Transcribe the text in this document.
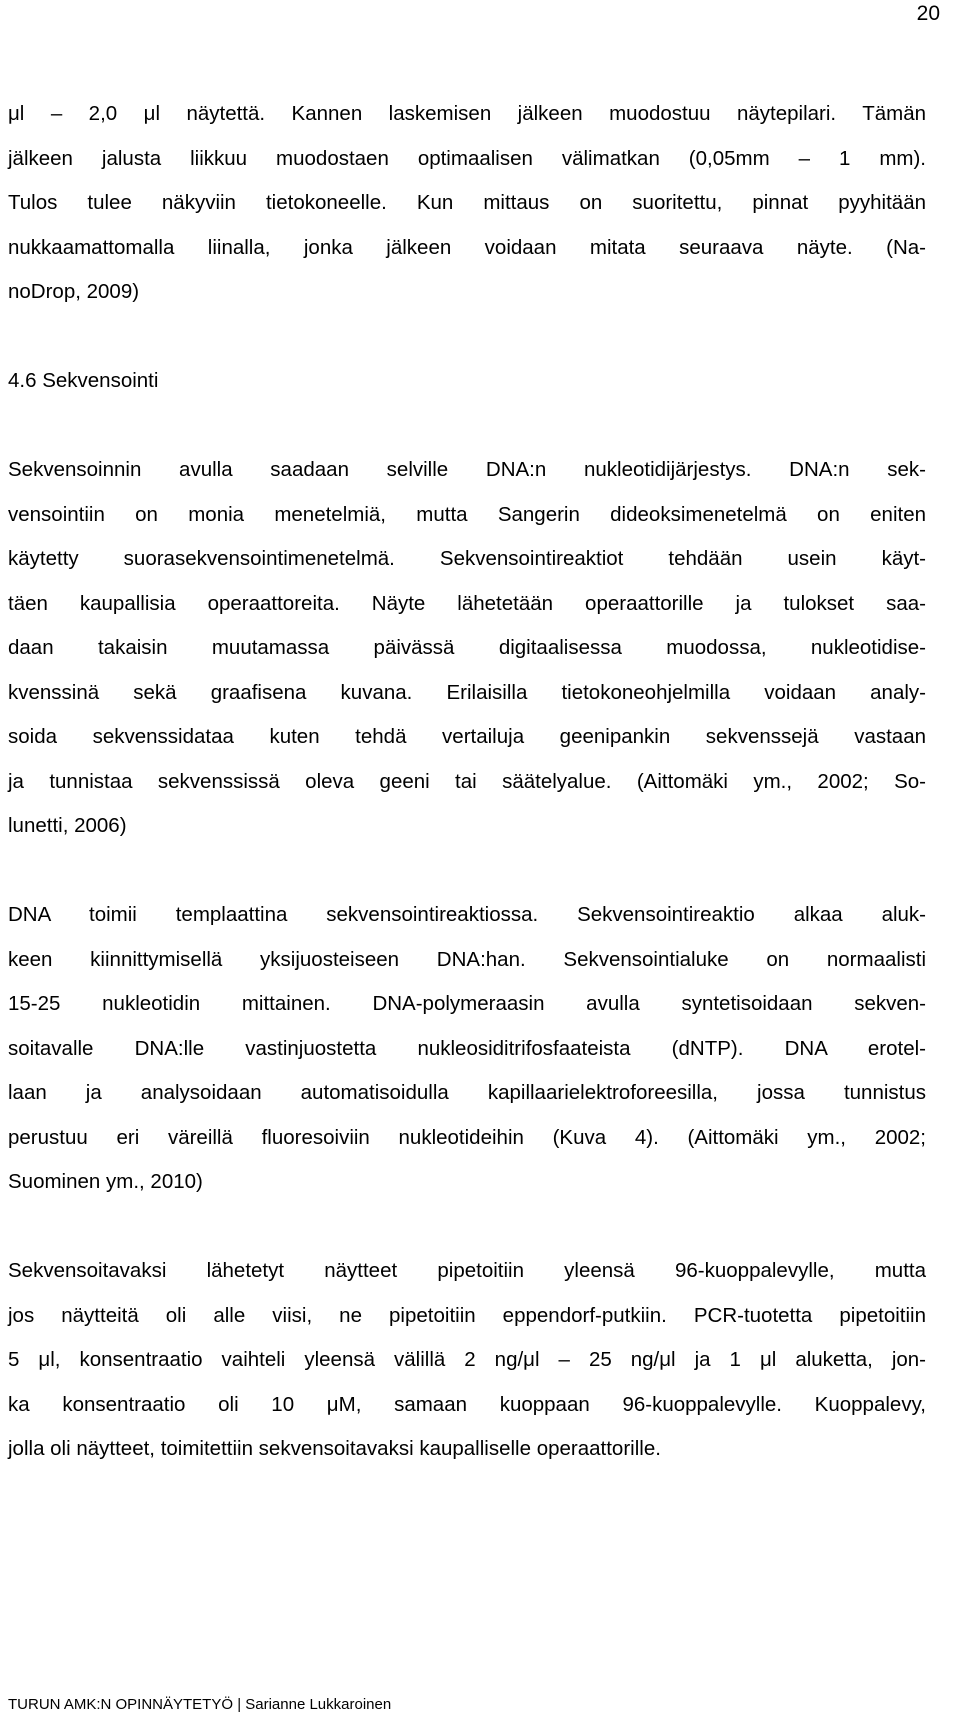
20
μl – 2,0 μl näytettä. Kannen laskemisen jälkeen muodostuu näytepilari. Tämän
jälkeen jalusta liikkuu muodostaen optimaalisen välimatkan (0,05mm – 1 mm).
Tulos tulee näkyviin tietokoneelle. Kun mittaus on suoritettu, pinnat pyyhitään
nukkaamattomalla liinalla, jonka jälkeen voidaan mitata seuraava näyte. (Na-
noDrop, 2009)
4.6 Sekvensointi
Sekvensoinnin avulla saadaan selville DNA:n nukleotidijärjestys. DNA:n sek-
vensointiin on monia menetelmiä, mutta Sangerin dideoksimenetelmä on eniten
käytetty suorasekvensointimenetelmä. Sekvensointireaktiot tehdään usein käyt-
täen kaupallisia operaattoreita. Näyte lähetetään operaattorille ja tulokset saa-
daan takaisin muutamassa päivässä digitaalisessa muodossa, nukleotidise-
kvenssinä sekä graafisena kuvana. Erilaisilla tietokoneohjelmilla voidaan analy-
soida sekvenssidataa kuten tehdä vertailuja geenipankin sekvenssejä vastaan
ja tunnistaa sekvenssissä oleva geeni tai säätelyalue. (Aittomäki ym., 2002; So-
lunetti, 2006)
DNA toimii templaattina sekvensointireaktiossa. Sekvensointireaktio alkaa aluk-
keen kiinnittymisellä yksijuosteiseen DNA:han. Sekvensointialuke on normaalisti
15-25 nukleotidin mittainen. DNA-polymeraasin avulla syntetisoidaan sekven-
soitavalle DNA:lle vastinjuostetta nukleosiditrifosfaateista (dNTP). DNA erotel-
laan ja analysoidaan automatisoidulla kapillaarielektroforeesilla, jossa tunnistus
perustuu eri väreillä fluoresoiviin nukleotideihin (Kuva 4). (Aittomäki ym., 2002;
Suominen ym., 2010)
Sekvensoitavaksi lähetetyt näytteet pipetoitiin yleensä 96-kuoppalevylle, mutta
jos näytteitä oli alle viisi, ne pipetoitiin eppendorf-putkiin. PCR-tuotetta pipetoitiin
5 μl, konsentraatio vaihteli yleensä välillä 2 ng/μl – 25 ng/μl ja 1 μl aluketta, jon-
ka konsentraatio oli 10 μM, samaan kuoppaan 96-kuoppalevylle. Kuoppalevy,
jolla oli näytteet, toimitettiin sekvensoitavaksi kaupalliselle operaattorille.
TURUN AMK:N OPINNÄYTETYÖ | Sarianne Lukkaroinen
